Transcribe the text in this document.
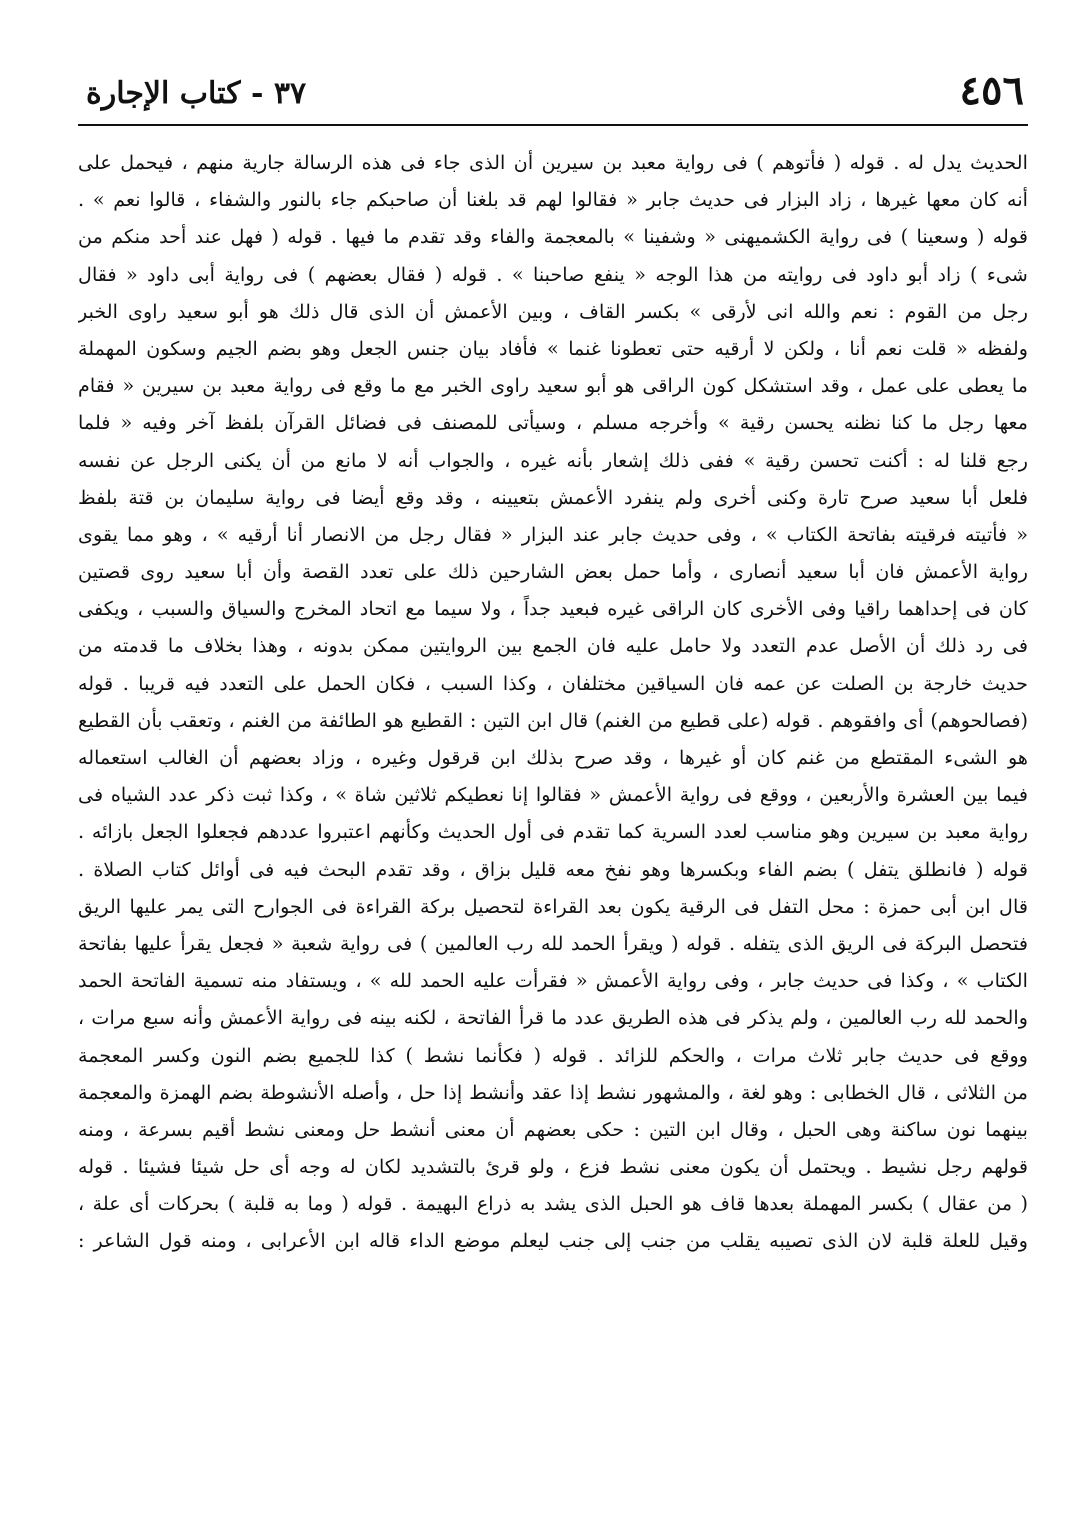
٤٥٦
٣٧ - كتاب الإجارة
الحديث يدل له . قوله ( فأتوهم ) فى رواية معبد بن سيرين أن الذى جاء فى هذه الرسالة جارية منهم ، فيحمل على
أنه كان معها غيرها ، زاد البزار فى حديث جابر « فقالوا لهم قد بلغنا أن صاحبكم جاء بالنور والشفاء ، قالوا نعم » .
قوله ( وسعينا ) فى رواية الكشميهنى « وشفينا » بالمعجمة والفاء وقد تقدم ما فيها . قوله ( فهل عند أحد منكم من
شىء ) زاد أبو داود فى روايته من هذا الوجه « ينفع صاحبنا » . قوله ( فقال بعضهم ) فى رواية أبى داود « فقال
رجل من القوم : نعم والله انى لأرقى » بكسر القاف ، وبين الأعمش أن الذى قال ذلك هو أبو سعيد راوى الخبر
ولفظه « قلت نعم أنا ، ولكن لا أرقيه حتى تعطونا غنما » فأفاد بيان جنس الجعل وهو بضم الجيم وسكون المهملة
ما يعطى على عمل ، وقد استشكل كون الراقى هو أبو سعيد راوى الخبر مع ما وقع فى رواية معبد بن سيرين « فقام
معها رجل ما كنا نظنه يحسن رقية » وأخرجه مسلم ، وسيأتى للمصنف فى فضائل القرآن بلفظ آخر وفيه « فلما
رجع قلنا له : أكنت تحسن رقية » ففى ذلك إشعار بأنه غيره ، والجواب أنه لا مانع من أن يكنى الرجل عن نفسه
فلعل أبا سعيد صرح تارة وكنى أخرى ولم ينفرد الأعمش بتعيينه ، وقد وقع أيضا فى رواية سليمان بن قتة بلفظ
« فأتيته فرقيته بفاتحة الكتاب » ، وفى حديث جابر عند البزار « فقال رجل من الانصار أنا أرقيه » ، وهو مما يقوى
رواية الأعمش فان أبا سعيد أنصارى ، وأما حمل بعض الشارحين ذلك على تعدد القصة وأن أبا سعيد روى قصتين
كان فى إحداهما راقيا وفى الأخرى كان الراقى غيره فبعيد جداً ، ولا سيما مع اتحاد المخرج والسياق والسبب ، ويكفى
فى رد ذلك أن الأصل عدم التعدد ولا حامل عليه فان الجمع بين الروايتين ممكن بدونه ، وهذا بخلاف ما قدمته من
حديث خارجة بن الصلت عن عمه فان السياقين مختلفان ، وكذا السبب ، فكان الحمل على التعدد فيه قريبا . قوله
(فصالحوهم) أى وافقوهم . قوله (على قطيع من الغنم) قال ابن التين : القطيع هو الطائفة من الغنم ، وتعقب بأن القطيع
هو الشىء المقتطع من غنم كان أو غيرها ، وقد صرح بذلك ابن قرقول وغيره ، وزاد بعضهم أن الغالب استعماله
فيما بين العشرة والأربعين ، ووقع فى رواية الأعمش « فقالوا إنا نعطيكم ثلاثين شاة » ، وكذا ثبت ذكر عدد الشياه فى
رواية معبد بن سيرين وهو مناسب لعدد السرية كما تقدم فى أول الحديث وكأنهم اعتبروا عددهم فجعلوا الجعل بازائه .
قوله ( فانطلق يتفل ) بضم الفاء وبكسرها وهو نفخ معه قليل بزاق ، وقد تقدم البحث فيه فى أوائل كتاب الصلاة .
قال ابن أبى حمزة : محل التفل فى الرقية يكون بعد القراءة لتحصيل بركة القراءة فى الجوارح التى يمر عليها الريق
فتحصل البركة فى الريق الذى يتفله . قوله ( ويقرأ الحمد لله رب العالمين ) فى رواية شعبة « فجعل يقرأ عليها بفاتحة
الكتاب » ، وكذا فى حديث جابر ، وفى رواية الأعمش « فقرأت عليه الحمد لله » ، ويستفاد منه تسمية الفاتحة الحمد
والحمد لله رب العالمين ، ولم يذكر فى هذه الطريق عدد ما قرأ الفاتحة ، لكنه بينه فى رواية الأعمش وأنه سبع مرات ،
ووقع فى حديث جابر ثلاث مرات ، والحكم للزائد . قوله ( فكأنما نشط ) كذا للجميع بضم النون وكسر المعجمة
من الثلاثى ، قال الخطابى : وهو لغة ، والمشهور نشط إذا عقد وأنشط إذا حل ، وأصله الأنشوطة بضم الهمزة والمعجمة
بينهما نون ساكنة وهى الحبل ، وقال ابن التين : حكى بعضهم أن معنى أنشط حل ومعنى نشط أقيم بسرعة ، ومنه
قولهم رجل نشيط . ويحتمل أن يكون معنى نشط فزع ، ولو قرئ بالتشديد لكان له وجه أى حل شيئا فشيئا . قوله
( من عقال ) بكسر المهملة بعدها قاف هو الحبل الذى يشد به ذراع البهيمة . قوله ( وما به قلبة ) بحركات أى علة ،
وقيل للعلة قلبة لان الذى تصيبه يقلب من جنب إلى جنب ليعلم موضع الداء قاله ابن الأعرابى ، ومنه قول الشاعر :
